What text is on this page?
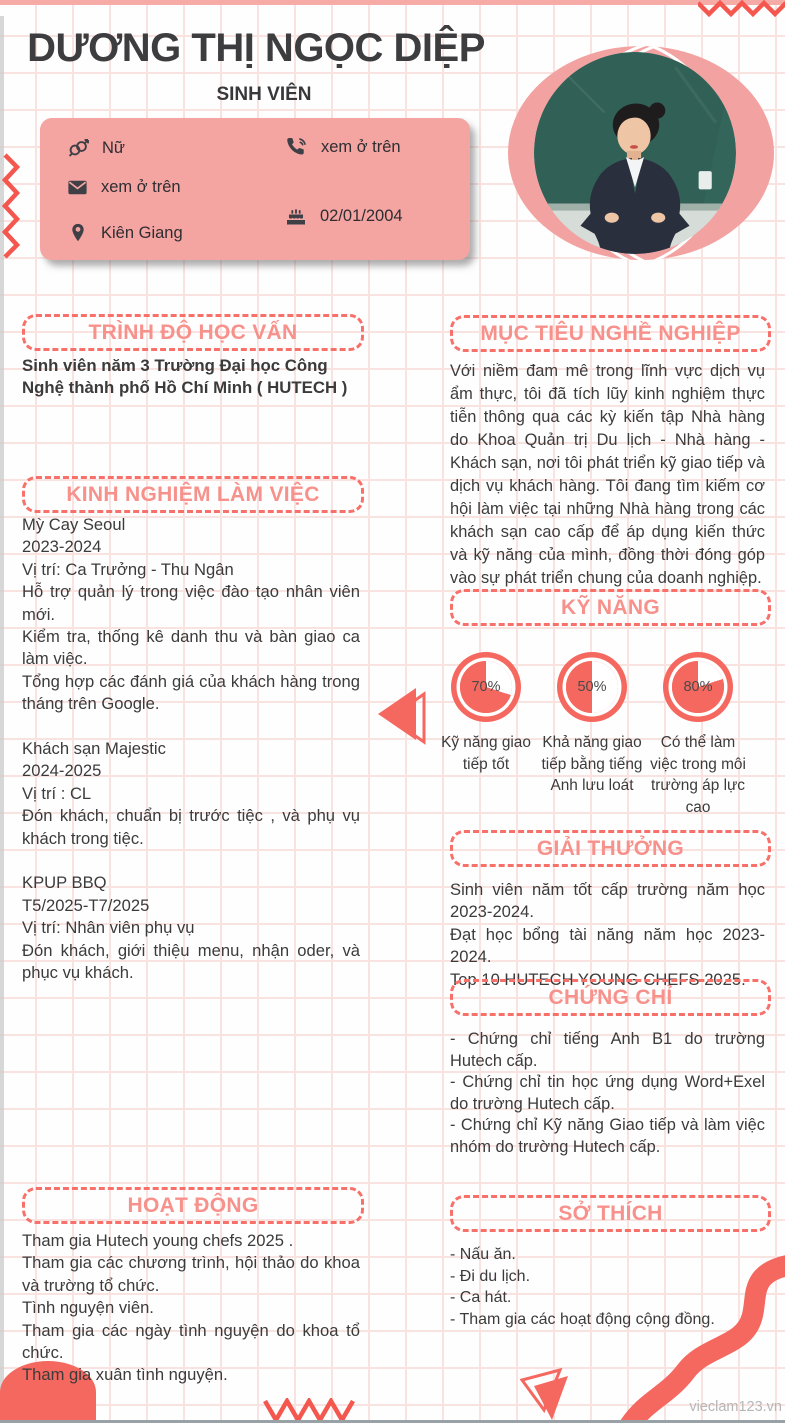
DƯƠNG THỊ NGỌC DIỆP
SINH VIÊN
Nữ	xem ở trên
xem ở trên
02/01/2004
Kiên Giang
TRÌNH ĐỘ HỌC VẤN
Sinh viên năm 3 Trường Đại học Công Nghệ thành phố Hồ Chí Minh ( HUTECH )
KINH NGHIỆM LÀM VIỆC
Mỳ Cay Seoul
2023-2024
Vị trí: Ca Trưởng - Thu Ngân
Hỗ trợ quản lý trong việc đào tạo nhân viên mới.
Kiểm tra, thống kê danh thu và bàn giao ca làm việc.
Tổng hợp các đánh giá của khách hàng trong tháng trên Google.
Khách sạn Majestic
2024-2025
Vị trí : CL
Đón khách, chuẩn bị trước tiệc , và phụ vụ khách trong tiệc.
KPUP BBQ
T5/2025-T7/2025
Vị trí: Nhân viên phụ vụ
Đón khách, giới thiệu menu, nhận oder, và phục vụ khách.
HOẠT ĐỘNG
Tham gia Hutech young chefs 2025 .
Tham gia các chương trình, hội thảo do khoa và trường tổ chức.
Tình nguyện viên.
Tham gia các ngày tình nguyện do khoa tổ chức.
Tham gia xuân tình nguyện.
MỤC TIÊU NGHỀ NGHIỆP
Với niềm đam mê trong lĩnh vực dịch vụ ẩm thực, tôi đã tích lũy kinh nghiệm thực tiễn thông qua các kỳ kiến tập Nhà hàng do Khoa Quản trị Du lịch - Nhà hàng - Khách sạn, nơi tôi phát triển kỹ giao tiếp và dịch vụ khách hàng. Tôi đang tìm kiếm cơ hội làm việc tại những Nhà hàng trong các khách sạn cao cấp để áp dụng kiến thức và kỹ năng của mình, đồng thời đóng góp vào sự phát triển chung của doanh nghiệp.
KỸ NĂNG
70%
Kỹ năng giao tiếp tốt
50%
Khả năng giao tiếp bằng tiếng Anh lưu loát
80%
Có thể làm việc trong môi trường áp lực cao
GIẢI THƯỞNG
Sinh viên năm tốt cấp trường năm học 2023-2024.
Đạt học bổng tài năng năm học 2023-2024.
Top 10 HUTECH YOUNG CHEFS 2025.
CHỨNG CHỈ
- Chứng chỉ tiếng Anh B1 do trường Hutech cấp.
- Chứng chỉ tin học ứng dụng Word+Exel do trường Hutech cấp.
- Chứng chỉ Kỹ năng Giao tiếp và làm việc nhóm do trường Hutech cấp.
SỞ THÍCH
- Nấu ăn.
- Đi du lịch.
- Ca hát.
- Tham gia các hoạt động cộng đồng.
vieclam123.vn
